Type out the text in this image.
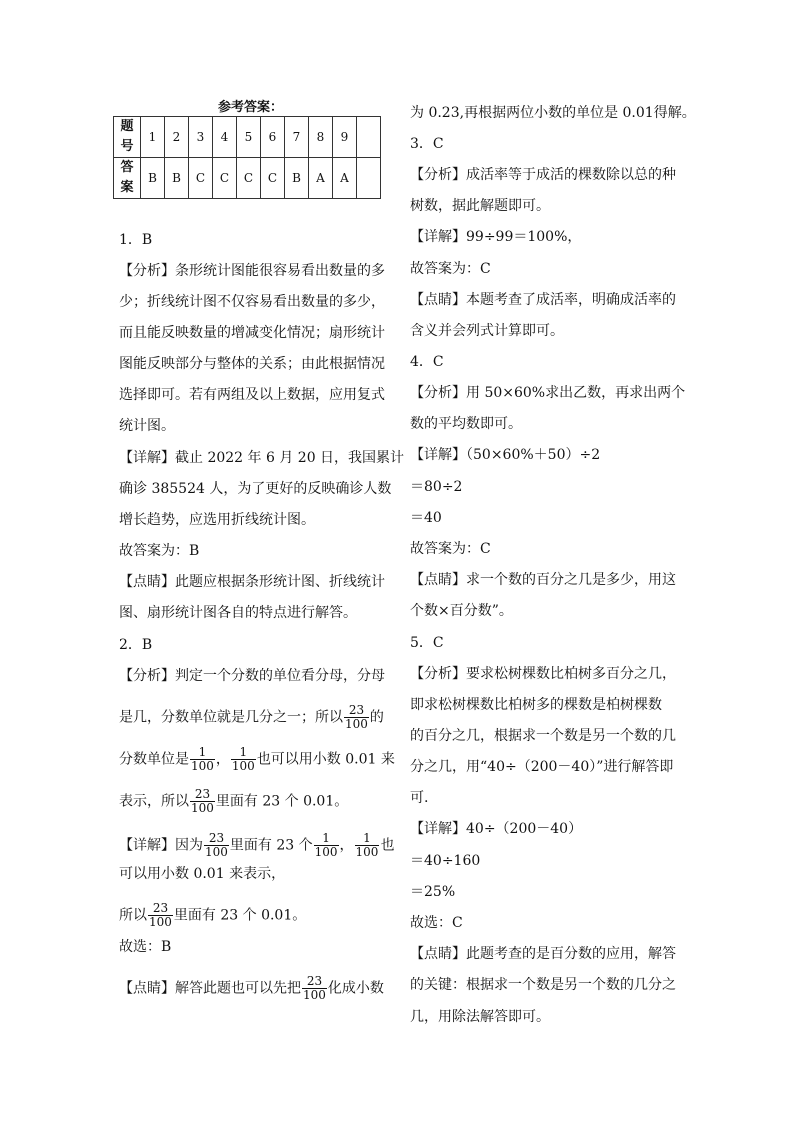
参考答案：
题
号	1	2	3	4	5	6	7	8	9	
答
案	B	B	C	C	C	C	B	A	A	
1．B
【分析】条形统计图能很容易看出数量的多
少；折线统计图不仅容易看出数量的多少，
而且能反映数量的增减变化情况；扇形统计
图能反映部分与整体的关系；由此根据情况
选择即可。若有两组及以上数据，应用复式
统计图。
【详解】截止 2022 年 6 月 20 日，我国累计
确诊 385524 人，为了更好的反映确诊人数
增长趋势，应选用折线统计图。
故答案为：B
【点睛】此题应根据条形统计图、折线统计
图、扇形统计图各自的特点进行解答。
2．B
【分析】判定一个分数的单位看分母，分母
是几，分数单位就是几分之一；所以 $\frac{23}{100}$ 的
分数单位是 $\frac{1}{100}$ ， $\frac{1}{100}$ 也可以用小数 0.01 来
表示，所以 $\frac{23}{100}$ 里面有 23 个 0.01。
【详解】因为 $\frac{23}{100}$ 里面有 23 个 $\frac{1}{100}$ ， $\frac{1}{100}$ 也
可以用小数 0.01 来表示，
所以 $\frac{23}{100}$ 里面有 23 个 0.01。
故选：B
【点睛】解答此题也可以先把 $\frac{23}{100}$ 化成小数
为 0.23,再根据两位小数的单位是 0.01得解。
3．C
【分析】成活率等于成活的棵数除以总的种
树数，据此解题即可。
【详解】99÷99＝100%，
故答案为：C
【点睛】本题考查了成活率，明确成活率的
含义并会列式计算即可。
4．C
【分析】用 50×60%求出乙数，再求出两个
数的平均数即可。
【详解】（50×60%＋50）÷2
＝80÷2
＝40
故答案为：C
【点睛】求一个数的百分之几是多少，用这
个数×百分数”。
5．C
【分析】要求松树棵数比柏树多百分之几，
即求松树棵数比柏树多的棵数是柏树棵数
的百分之几，根据求一个数是另一个数的几
分之几，用“40÷（200－40）”进行解答即
可.
【详解】40÷（200－40）
＝40÷160
＝25%
故选：C
【点睛】此题考查的是百分数的应用，解答
的关键：根据求一个数是另一个数的几分之
几，用除法解答即可。
